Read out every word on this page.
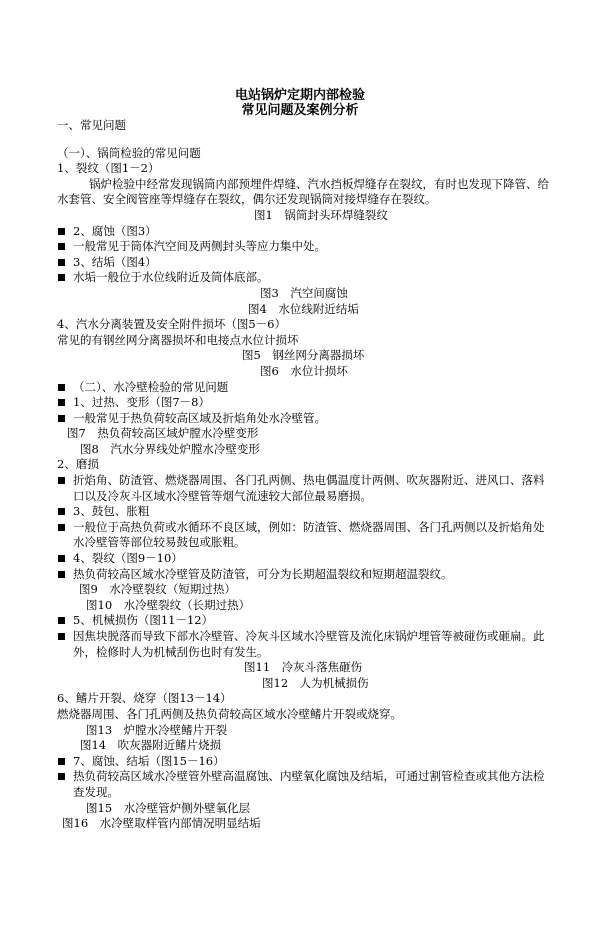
电站锅炉定期内部检验
常见问题及案例分析
一、常见问题
（一）、锅筒检验的常见问题
1、裂纹（图1－2）
锅炉检验中经常发现锅筒内部预埋件焊缝、汽水挡板焊缝存在裂纹，有时也发现下降管、给
水套管、安全阀管座等焊缝存在裂纹，偶尔还发现锅筒对接焊缝存在裂纹。
图1　锅筒封头环焊缝裂纹
2、腐蚀（图3）
一般常见于筒体汽空间及两侧封头等应力集中处。
3、结垢（图4）
水垢一般位于水位线附近及筒体底部。
图3　汽空间腐蚀
图4　水位线附近结垢
4、汽水分离装置及安全附件损坏（图5－6）
常见的有钢丝网分离器损坏和电接点水位计损坏
图5　钢丝网分离器损坏
图6　水位计损坏
（二）、水冷壁检验的常见问题
1、过热、变形（图7－8）
一般常见于热负荷较高区域及折焰角处水冷壁管。
图7　热负荷较高区域炉膛水冷壁变形
图8　汽水分界线处炉膛水冷壁变形
2、磨损
折焰角、防渣管、燃烧器周围、各门孔两侧、热电偶温度计两侧、吹灰器附近、进风口、落料
口以及冷灰斗区域水冷壁管等烟气流速较大部位最易磨损。
3、鼓包、胀粗
一般位于高热负荷或水循环不良区域，例如：防渣管、燃烧器周围、各门孔两侧以及折焰角处
水冷壁管等部位较易鼓包或胀粗。
4、裂纹（图9－10）
热负荷较高区域水冷壁管及防渣管，可分为长期超温裂纹和短期超温裂纹。
图9　水冷壁裂纹（短期过热）
图10　水冷壁裂纹（长期过热）
5、机械损伤（图11－12）
因焦块脱落而导致下部水冷壁管、冷灰斗区域水冷壁管及流化床锅炉埋管等被碰伤或砸扁。此
外，检修时人为机械刮伤也时有发生。
图11　冷灰斗落焦砸伤
图12　人为机械损伤
6、鳍片开裂、烧穿（图13－14）
燃烧器周围、各门孔两侧及热负荷较高区域水冷壁鳍片开裂或烧穿。
图13　炉膛水冷壁鳍片开裂
图14　吹灰器附近鳍片烧损
7、腐蚀、结垢（图15－16）
热负荷较高区域水冷壁管外壁高温腐蚀、内壁氧化腐蚀及结垢，可通过割管检查或其他方法检
查发现。
图15　水冷壁管炉侧外壁氧化层
图16　水冷壁取样管内部情况明显结垢
